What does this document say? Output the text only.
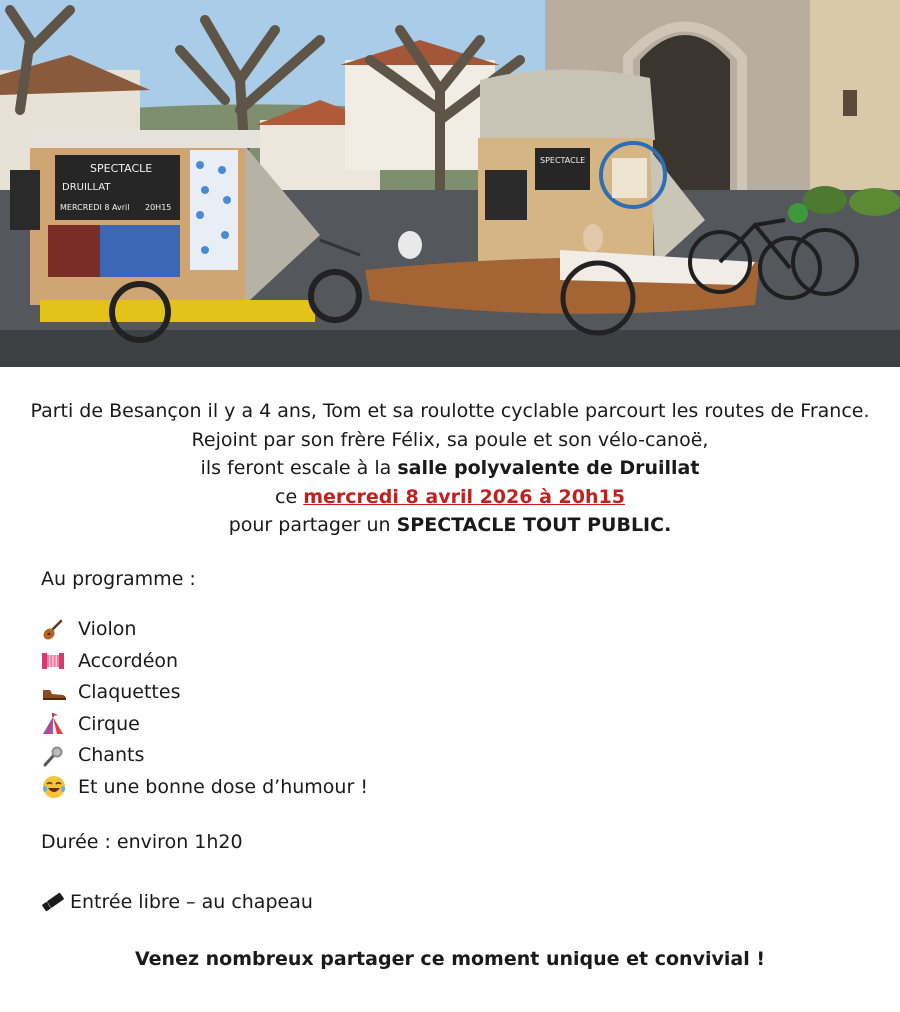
SPECTACLE
DRUILLAT
MERCREDI 8 Avril 20H15
SPECTACLE

Parti de Besançon il y a 4 ans, Tom et sa roulotte cyclable parcourt les routes de France.

Rejoint par son frère Félix, sa poule et son vélo-canoë,

ils feront escale à la salle polyvalente de Druillat

ce mercredi 8 avril 2026 à 20h15

pour partager un SPECTACLE TOUT PUBLIC.

Au programme :
Violon
Accordéon
Claquettes
Cirque
Chants
Et une bonne dose d’humour !
Durée : environ 1h20
Entrée libre – au chapeau
Venez nombreux partager ce moment unique et convivial !
